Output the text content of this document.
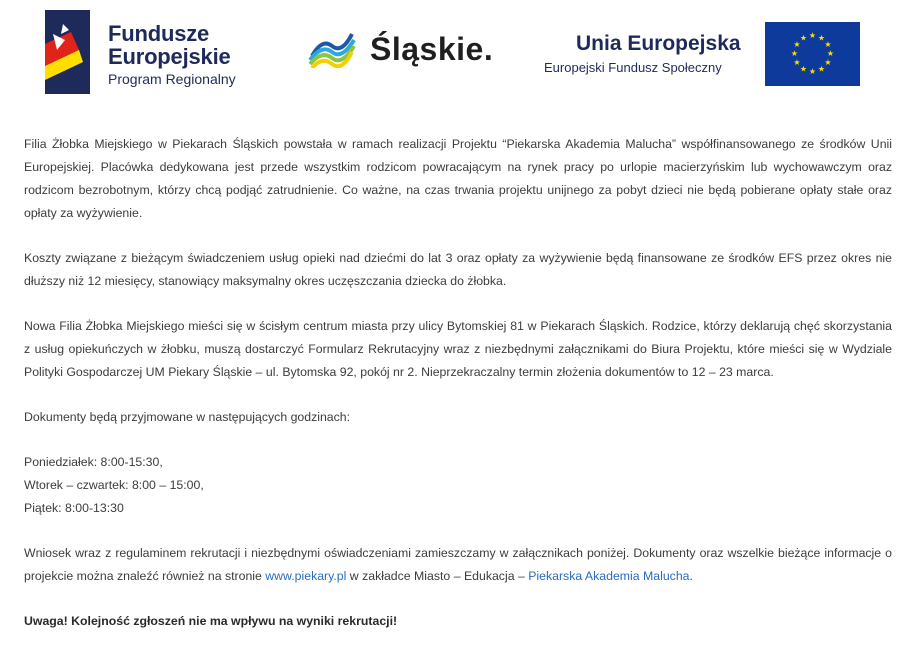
Fundusze
Europejskie
Program Regionalny
Śląskie.	Unia Europejska
Europejski Fundusz Społeczny
★ ★
★
★
★
★
★
★
★
★
★
★

Filia Żłobka Miejskiego w Piekarach Śląskich powstała w ramach realizacji Projektu “Piekarska Akademia Malucha” współfinansowanego ze środków Unii Europejskiej. Placówka dedykowana jest przede wszystkim rodzicom powracającym na rynek pracy po urlopie macierzyńskim lub wychowawczym oraz rodzicom bezrobotnym, którzy chcą podjąć zatrudnienie. Co ważne, na czas trwania projektu unijnego za pobyt dzieci nie będą pobierane opłaty stałe oraz opłaty za wyżywienie.

Koszty związane z bieżącym świadczeniem usług opieki nad dziećmi do lat 3 oraz opłaty za wyżywienie będą finansowane ze środków EFS przez okres nie dłuższy niż 12 miesięcy, stanowiący maksymalny okres uczęszczania dziecka do żłobka.

Nowa Filia Żłobka Miejskiego mieści się w ścisłym centrum miasta przy ulicy Bytomskiej 81 w Piekarach Śląskich. Rodzice, którzy deklarują chęć skorzystania z usług opiekuńczych w żłobku, muszą dostarczyć Formularz Rekrutacyjny wraz z niezbędnymi załącznikami do Biura Projektu, które mieści się w Wydziale Polityki Gospodarczej UM Piekary Śląskie – ul. Bytomska 92, pokój nr 2. Nieprzekraczalny termin złożenia dokumentów to 12 – 23 marca.

Dokumenty będą przyjmowane w następujących godzinach:

Poniedziałek: 8:00-15:30,
Wtorek – czwartek: 8:00 – 15:00,
Piątek: 8:00-13:30

Wniosek wraz z regulaminem rekrutacji i niezbędnymi oświadczeniami zamieszczamy w załącznikach poniżej. Dokumenty oraz wszelkie bieżące informacje o projekcie można znaleźć również na stronie www.piekary.pl w zakładce Miasto – Edukacja – Piekarska Akademia Malucha.

Uwaga! Kolejność zgłoszeń nie ma wpływu na wyniki rekrutacji!
